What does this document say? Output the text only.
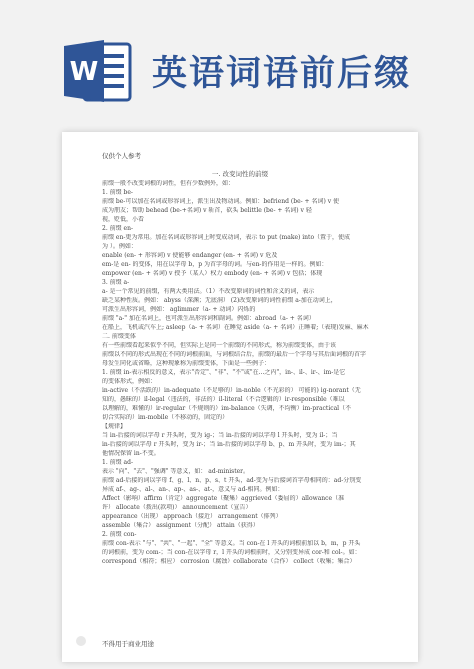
W 英语词语前后缀
仅供个人参考
一. 改变词性的前缀
前缀一般不改变词根的词性，但有少数例外，如：
1. 前缀 be-
前缀 be-可以加在名词或形容词上，派生出及物动词。例如：befriend (be- + 名词) v 使
成为朋友；帮助 behead (be-+名词) v 斩首，砍头 belittle (be- + 名词) v 轻
视，贬低，小看
2. 前缀 en-
前缀 en-更为常用。加在名词或形容词上时变成动词，表示 to put (make) into（置于，使成
为 ）。例如：
enable (en- + 形容词) v 使能够 endanger (en- + 名词) v 危及
em-是 en- 的变体，用在以字母 b，p 为首字母的词。与en-的作用是一样的。例如：
empower (en- + 名词) v 授予（某人）权力 embody (en- + 名词) v 包括；体现
3. 前缀 a-
a- 是一个常见的前缀，有两大类用法。（1）不改变原词的词性和含义的词，表示
缺乏某种性质。例如： abyss（深渊；无底洞） (2)改变原词的词性前缀 a-加在动词上，
可派生出形容词，例如： aglimmer（a- + 动词）闪烁的
前缀 "a-" 加在名词上，也可派生出形容词和副词。例如：abroad（a- + 名词）
在船上，飞机或汽车上; asleep（a- + 名词）在睡觉 aside（a- + 名词）正睡着;（表现)发麻、麻木
二. 前缀变体
有一些前缀看起来似乎不同，但实际上是同一个前缀的不同形式，称为前缀变体，由于该
前缀以不同的形式出现在不同的词根前面，与词根结合后，前缀的最后一个字母与其后面词根的首字
母发生同化或省略，这种现象称为前缀变体，下面是一些例子：
1. 前缀 in-表示相反的意义，表示"否定"、"非"、"不"或"在...之内"，in-、il-、ir-、im-是它
的变体形式，例如：
in-active（不活跃的）in-adequate（不足够的）in-noble（不光彩的） 可能的) ig-norant（无
知的，愚昧的）il-legal（违法的，非法的）il-literal（不合逻辑的）ir-responsible（难以
以理解的，难懂的）ir-regular（不规则的）im-balance（失调，不均衡）im-practical（不
切合实际的）im-mobile（不移动的，固定的）
【规律】
当 in-后接的词以字母 r 开头时，变为 ig-；当 in-后接的词以字母 l 开头时，变为 il-；当
in-后接的词以字母 r 开头时，变为 ir-；当 in-后接的词以字母 b、p、m 开头时，变为 im-；其
他情况保留 in-不变。
1. 前缀 ad-
表示 "向"、"去"、"强调" 等意义，如： ad-minister。
前缀 ad-后接的词以字母 f、g、l、n、p、s、t 开头，ad-变为与后接词首字母相同的：ad-分别变
异成 af-、ag-、al-、an-、ap-、as-、at-，意义与 ad-相同。例如：
Affect（影响）affirm（肯定）aggregate（聚集）aggrieved（委屈的）allowance（准
许） allocate（拨出(款项)） announcement（宣告）
appearance（出现） approach（接近） arrangement（排列）
assemble（集合） assignment（分配） attain（获得）
2. 前缀 con-
前缀 con-表示 "与"、"共"、"一起"、"全" 等意义。当 con-在 l 开头的词根前加以 b，m，p 开头
的词根前，变为 com-；当 con-在以字母 r，l 开头的词根前时，又分别变异成 cor-和 col-。如：
correspond（相符；相应） corrosion（腐蚀）collaborate（合作） collect（收集；集合）
不得用于商业用途
